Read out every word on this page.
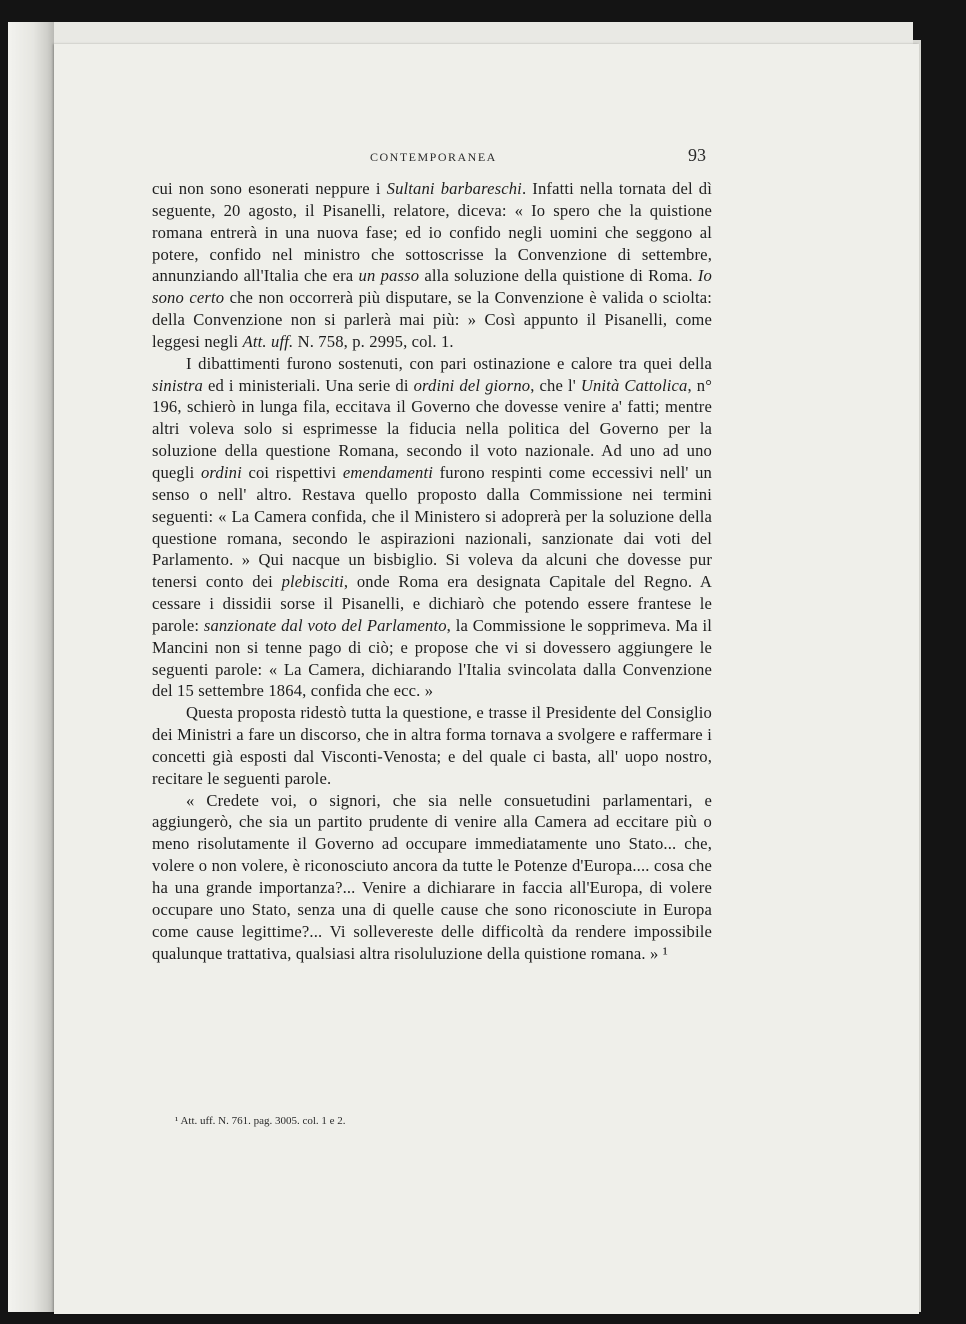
CONTEMPORANEA	93

cui non sono esonerati neppure i Sultani barbareschi. Infatti nella tornata del dì seguente, 20 agosto, il Pisanelli, relatore, diceva: « Io spero che la quistione romana entrerà in una nuova fase; ed io confido negli uomini che seggono al potere, confido nel ministro che sottoscrisse la Convenzione di settembre, annunziando all'Italia che era un passo alla soluzione della quistione di Roma. Io sono certo che non occorrerà più disputare, se la Convenzione è valida o sciolta: della Convenzione non si parlerà mai più: » Così appunto il Pisanelli, come leggesi negli Att. uff. N. 758, p. 2995, col. 1.

I dibattimenti furono sostenuti, con pari ostinazione e calore tra quei della sinistra ed i ministeriali. Una serie di ordini del giorno, che l' Unità Cattolica, n° 196, schierò in lunga fila, eccitava il Governo che dovesse venire a' fatti; mentre altri voleva solo si esprimesse la fiducia nella politica del Governo per la soluzione della questione Romana, secondo il voto nazionale. Ad uno ad uno quegli ordini coi rispettivi emendamenti furono respinti come eccessivi nell' un senso o nell' altro. Restava quello proposto dalla Commissione nei termini seguenti: « La Camera confida, che il Ministero si adoprerà per la soluzione della questione romana, secondo le aspirazioni nazionali, sanzionate dai voti del Parlamento. » Qui nacque un bisbiglio. Si voleva da alcuni che dovesse pur tenersi conto dei plebisciti, onde Roma era designata Capitale del Regno. A cessare i dissidii sorse il Pisanelli, e dichiarò che potendo essere frantese le parole: sanzionate dal voto del Parlamento, la Commissione le sopprimeva. Ma il Mancini non si tenne pago di ciò; e propose che vi si dovessero aggiungere le seguenti parole: « La Camera, dichiarando l'Italia svincolata dalla Convenzione del 15 settembre 1864, confida che ecc. »

Questa proposta ridestò tutta la questione, e trasse il Presidente del Consiglio dei Ministri a fare un discorso, che in altra forma tornava a svolgere e raffermare i concetti già esposti dal Visconti-Venosta; e del quale ci basta, all' uopo nostro, recitare le seguenti parole.

« Credete voi, o signori, che sia nelle consuetudini parlamentari, e aggiungerò, che sia un partito prudente di venire alla Camera ad eccitare più o meno risolutamente il Governo ad occupare immediatamente uno Stato... che, volere o non volere, è riconosciuto ancora da tutte le Potenze d'Europa.... cosa che ha una grande importanza?... Venire a dichiarare in faccia all'Europa, di volere occupare uno Stato, senza una di quelle cause che sono riconosciute in Europa come cause legittime?... Vi sollevereste delle difficoltà da rendere impossibile qualunque trattativa, qualsiasi altra risoluluzione della quistione romana. » ¹

¹ Att. uff. N. 761. pag. 3005. col. 1 e 2.
